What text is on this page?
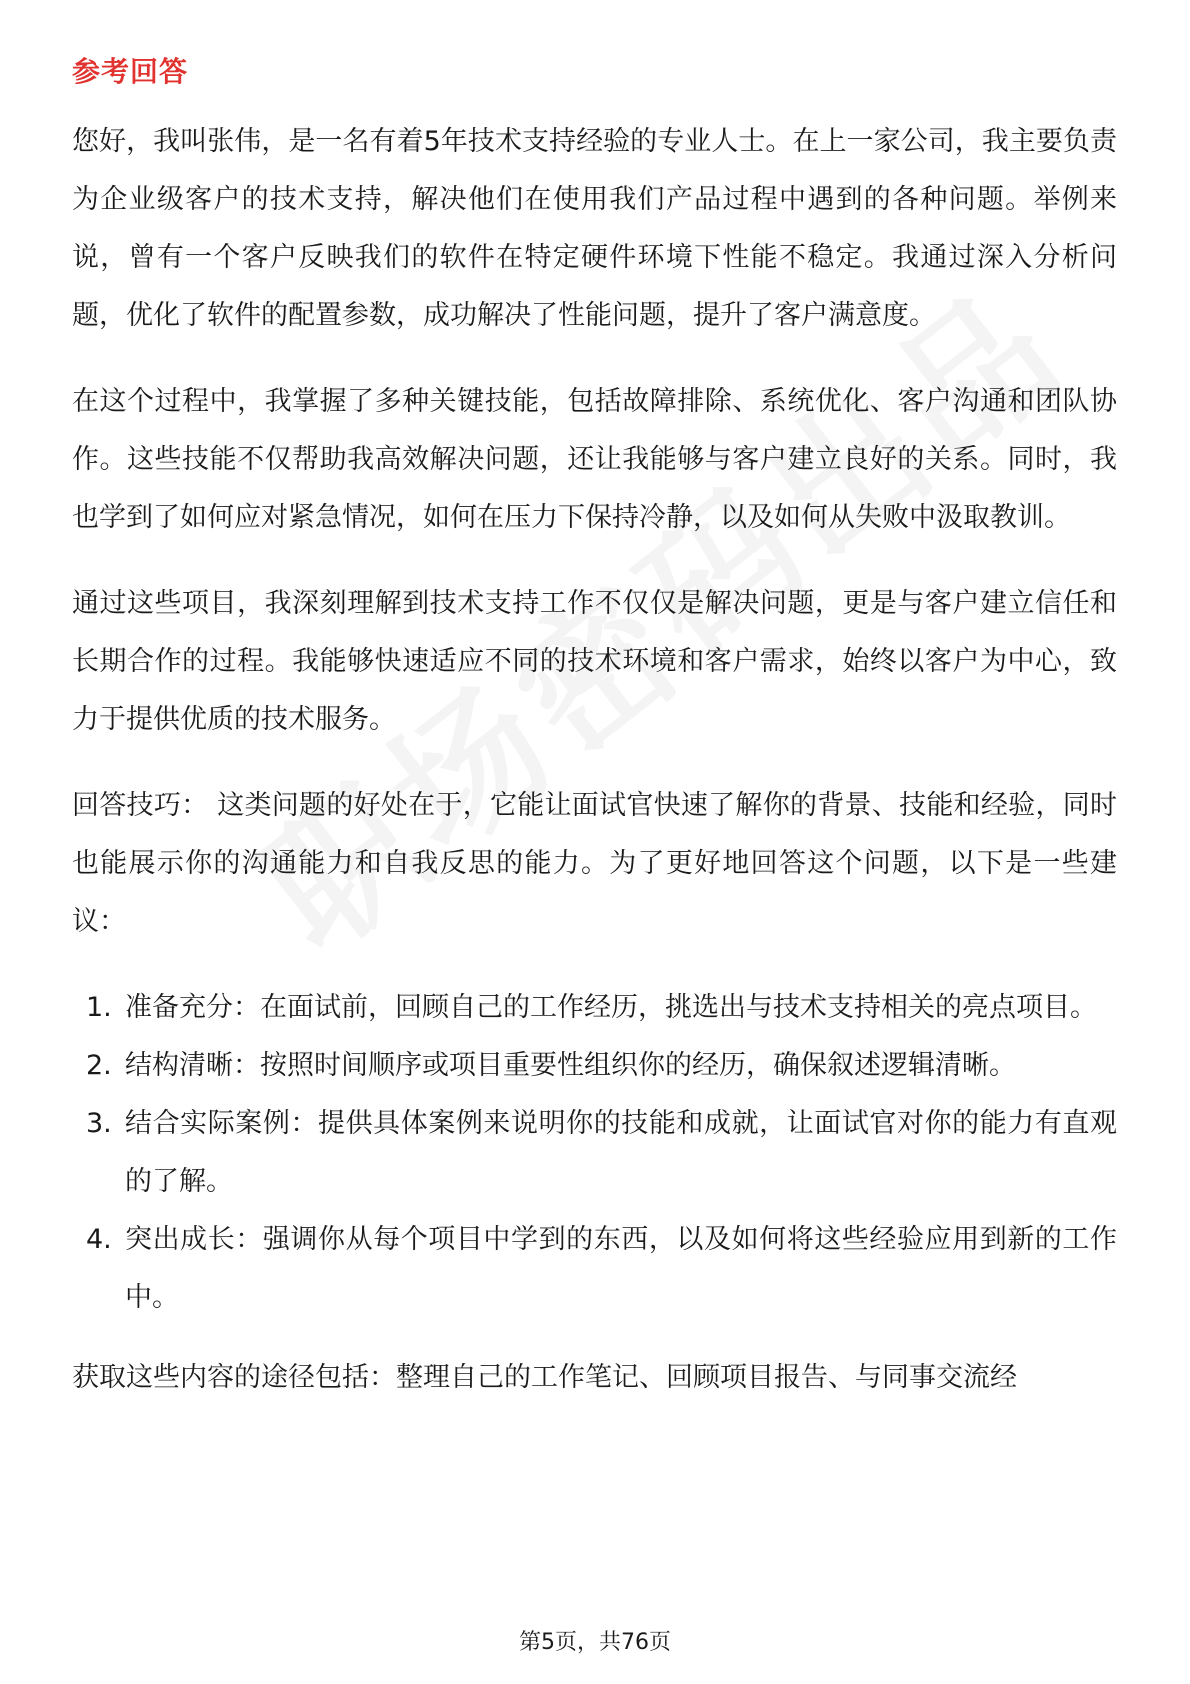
参考回答

您好，我叫张伟，是一名有着5年技术支持经验的专业人士。在上一家公司，我主要负责为企业级客户的技术支持，解决他们在使用我们产品过程中遇到的各种问题。举例来说，曾有一个客户反映我们的软件在特定硬件环境下性能不稳定。我通过深入分析问题，优化了软件的配置参数，成功解决了性能问题，提升了客户满意度。

在这个过程中，我掌握了多种关键技能，包括故障排除、系统优化、客户沟通和团队协作。这些技能不仅帮助我高效解决问题，还让我能够与客户建立良好的关系。同时，我也学到了如何应对紧急情况，如何在压力下保持冷静，以及如何从失败中汲取教训。

通过这些项目，我深刻理解到技术支持工作不仅仅是解决问题，更是与客户建立信任和长期合作的过程。我能够快速适应不同的技术环境和客户需求，始终以客户为中心，致力于提供优质的技术服务。

回答技巧： 这类问题的好处在于，它能让面试官快速了解你的背景、技能和经验，同时也能展示你的沟通能力和自我反思的能力。为了更好地回答这个问题，以下是一些建议：

1. 准备充分：在面试前，回顾自己的工作经历，挑选出与技术支持相关的亮点项目。
2. 结构清晰：按照时间顺序或项目重要性组织你的经历，确保叙述逻辑清晰。
3. 结合实际案例：提供具体案例来说明你的技能和成就，让面试官对你的能力有直观的了解。
4. 突出成长：强调你从每个项目中学到的东西，以及如何将这些经验应用到新的工作中。

获取这些内容的途径包括：整理自己的工作笔记、回顾项目报告、与同事交流经

第5页，共76页
